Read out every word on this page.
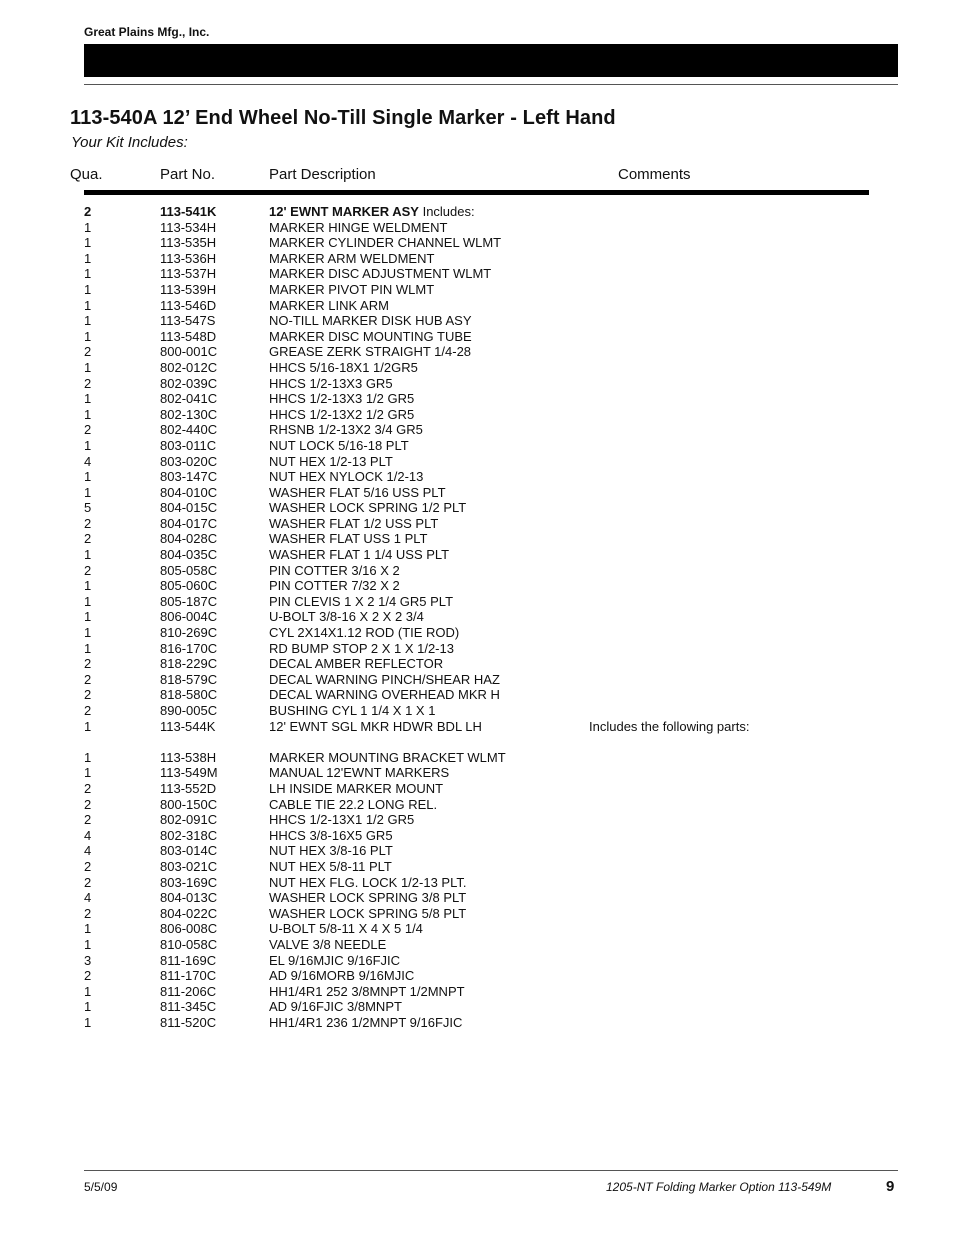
Great Plains Mfg., Inc.
113-540A 12’ End Wheel No-Till Single Marker - Left Hand
Your Kit Includes:
Qua.	Part No.	Part Description	Comments
2	113-541K	12' EWNT MARKER ASY Includes:
1	113-534H	MARKER HINGE WELDMENT
1	113-535H	MARKER CYLINDER CHANNEL WLMT
1	113-536H	MARKER ARM WELDMENT
1	113-537H	MARKER DISC ADJUSTMENT WLMT
1	113-539H	MARKER PIVOT PIN WLMT
1	113-546D	MARKER LINK ARM
1	113-547S	NO-TILL MARKER DISK HUB ASY
1	113-548D	MARKER DISC MOUNTING TUBE
2	800-001C	GREASE ZERK STRAIGHT 1/4-28
1	802-012C	HHCS 5/16-18X1 1/2GR5
2	802-039C	HHCS 1/2-13X3 GR5
1	802-041C	HHCS 1/2-13X3 1/2 GR5
1	802-130C	HHCS 1/2-13X2 1/2 GR5
2	802-440C	RHSNB 1/2-13X2 3/4 GR5
1	803-011C	NUT LOCK 5/16-18 PLT
4	803-020C	NUT HEX 1/2-13 PLT
1	803-147C	NUT HEX NYLOCK 1/2-13
1	804-010C	WASHER FLAT 5/16 USS PLT
5	804-015C	WASHER LOCK SPRING 1/2 PLT
2	804-017C	WASHER FLAT 1/2 USS PLT
2	804-028C	WASHER FLAT USS 1 PLT
1	804-035C	WASHER FLAT 1 1/4 USS PLT
2	805-058C	PIN COTTER 3/16 X 2
1	805-060C	PIN COTTER 7/32 X 2
1	805-187C	PIN CLEVIS 1 X 2 1/4 GR5 PLT
1	806-004C	U-BOLT 3/8-16 X 2 X 2 3/4
1	810-269C	CYL 2X14X1.12 ROD (TIE ROD)
1	816-170C	RD BUMP STOP 2 X 1 X 1/2-13
2	818-229C	DECAL AMBER REFLECTOR
2	818-579C	DECAL WARNING PINCH/SHEAR HAZ
2	818-580C	DECAL WARNING OVERHEAD MKR H
2	890-005C	BUSHING CYL 1 1/4 X 1 X 1
1	113-544K	12' EWNT SGL MKR HDWR BDL LH	Includes the following parts:
1	113-538H	MARKER MOUNTING BRACKET WLMT
1	113-549M	MANUAL 12'EWNT MARKERS
2	113-552D	LH INSIDE MARKER MOUNT
2	800-150C	CABLE TIE 22.2 LONG REL.
2	802-091C	HHCS 1/2-13X1 1/2 GR5
4	802-318C	HHCS 3/8-16X5 GR5
4	803-014C	NUT HEX 3/8-16 PLT
2	803-021C	NUT HEX 5/8-11 PLT
2	803-169C	NUT HEX FLG. LOCK 1/2-13 PLT.
4	804-013C	WASHER LOCK SPRING 3/8 PLT
2	804-022C	WASHER LOCK SPRING 5/8 PLT
1	806-008C	U-BOLT 5/8-11 X 4 X 5 1/4
1	810-058C	VALVE 3/8 NEEDLE
3	811-169C	EL 9/16MJIC 9/16FJIC
2	811-170C	AD 9/16MORB 9/16MJIC
1	811-206C	HH1/4R1 252 3/8MNPT 1/2MNPT
1	811-345C	AD 9/16FJIC 3/8MNPT
1	811-520C	HH1/4R1 236 1/2MNPT 9/16FJIC
5/5/09	1205-NT Folding Marker Option 113-549M	9
